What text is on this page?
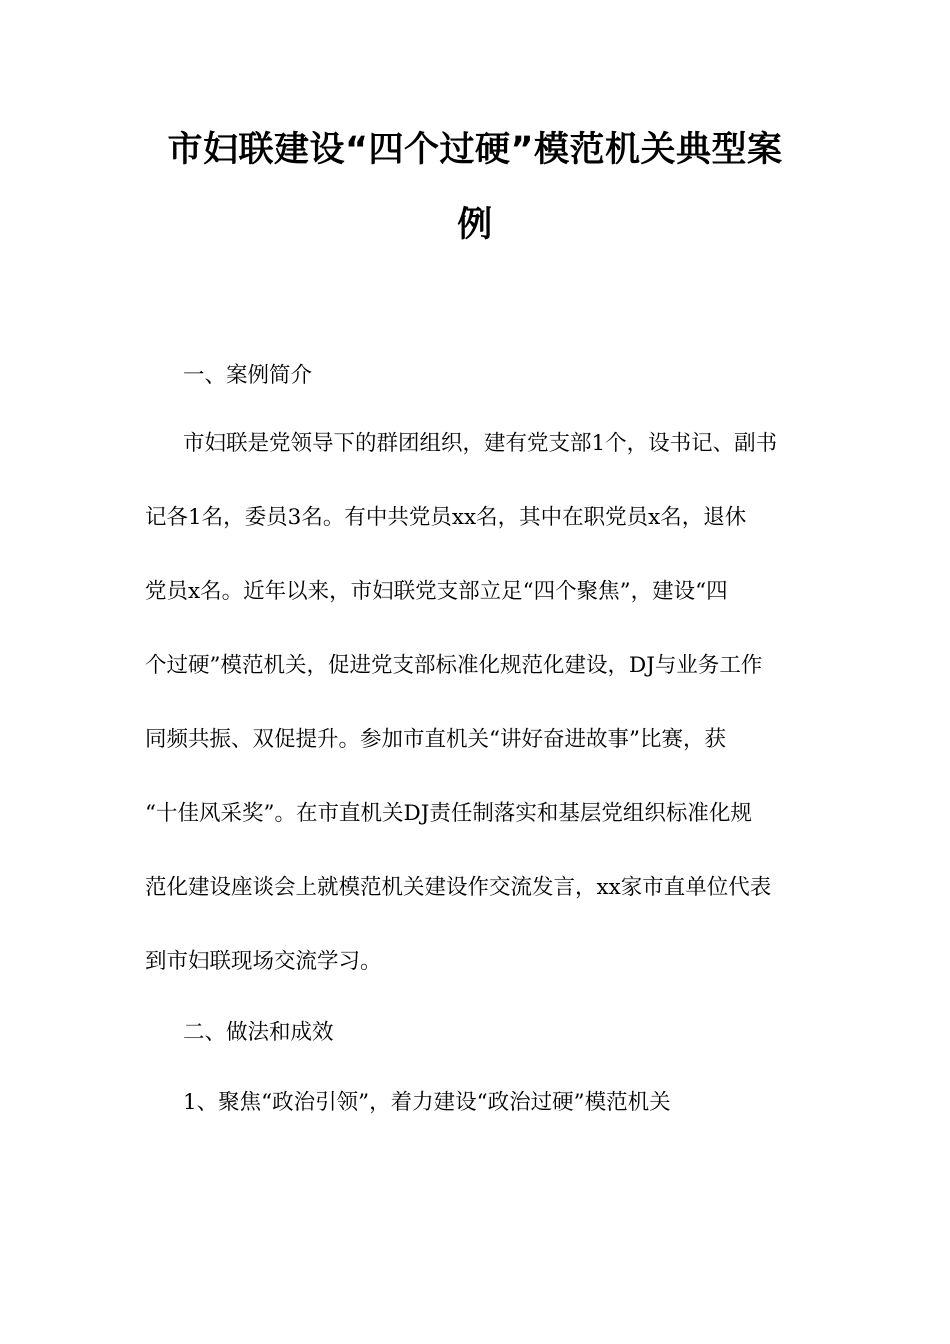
市妇联建设“四个过硬”模范机关典型案
例
一、案例简介
市妇联是党领导下的群团组织，建有党支部1个，设书记、副书
记各1名，委员3名。有中共党员xx名，其中在职党员x名，退休
党员x名。近年以来，市妇联党支部立足“四个聚焦”，建设“四
个过硬”模范机关，促进党支部标准化规范化建设，DJ与业务工作
同频共振、双促提升。参加市直机关“讲好奋进故事”比赛，获
“十佳风采奖”。在市直机关DJ责任制落实和基层党组织标准化规
范化建设座谈会上就模范机关建设作交流发言，xx家市直单位代表
到市妇联现场交流学习。
二、做法和成效
1、聚焦“政治引领”，着力建设“政治过硬”模范机关
